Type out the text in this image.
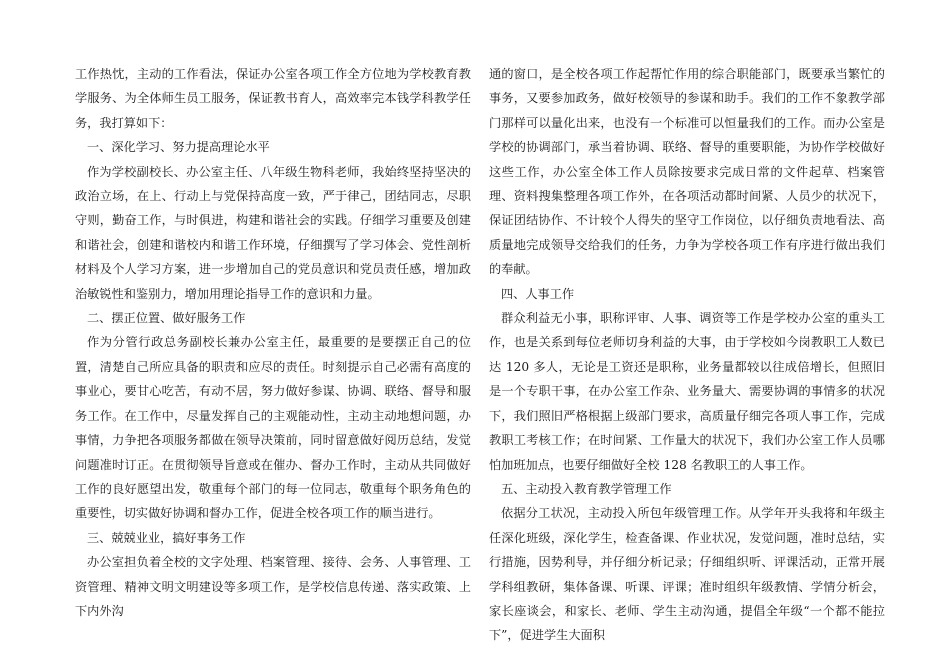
工作热忱，主动的工作看法，保证办公室各项工作全方位地为学校教育教学服务、为全体师生员工服务，保证教书育人，高效率完本钱学科教学任务，我打算如下：

一、深化学习、努力提高理论水平

作为学校副校长、办公室主任、八年级生物科老师，我始终坚持坚决的政治立场，在上、行动上与党保持高度一致，严于律己，团结同志，尽职守则，勤奋工作，与时俱进，构建和谐社会的实践。仔细学习重要及创建和谐社会，创建和谐校内和谐工作环境，仔细撰写了学习体会、党性剖析材料及个人学习方案，进一步增加自己的党员意识和党员责任感，增加政治敏锐性和鉴别力，增加用理论指导工作的意识和力量。

二、摆正位置、做好服务工作

作为分管行政总务副校长兼办公室主任，最重要的是要摆正自己的位置，清楚自己所应具备的职责和应尽的责任。时刻提示自己必需有高度的事业心，要甘心吃苦，有动不居，努力做好参谋、协调、联络、督导和服务工作。在工作中，尽量发挥自己的主观能动性，主动主动地想问题，办事情，力争把各项服务都做在领导决策前，同时留意做好阅历总结，发觉问题准时订正。在贯彻领导旨意或在催办、督办工作时，主动从共同做好工作的良好愿望出发，敬重每个部门的每一位同志，敬重每个职务角色的重要性，切实做好协调和督办工作，促进全校各项工作的顺当进行。

三、兢兢业业，搞好事务工作

办公室担负着全校的文字处理、档案管理、接待、会务、人事管理、工资管理、精神文明文明建设等多项工作，是学校信息传递、落实政策、上下内外沟

通的窗口，是全校各项工作起帮忙作用的综合职能部门，既要承当繁忙的事务，又要参加政务，做好校领导的参谋和助手。我们的工作不象教学部门那样可以量化出来，也没有一个标准可以恒量我们的工作。而办公室是学校的协调部门，承当着协调、联络、督导的重要职能，为协作学校做好这些工作，办公室全体工作人员除按要求完成日常的文件起草、档案管理、资料搜集整理各项工作外，在各项活动都时间紧、人员少的状况下，保证团结协作、不计较个人得失的坚守工作岗位，以仔细负责地看法、高质量地完成领导交给我们的任务，力争为学校各项工作有序进行做出我们的奉献。

四、人事工作

群众利益无小事，职称评审、人事、调资等工作是学校办公室的重头工作，也是关系到每位老师切身利益的大事，由于学校如今岗教职工人数已达 120 多人，无论是工资还是职称，业务量都较以往成倍增长，但照旧是一个专职干事，在办公室工作杂、业务量大、需要协调的事情多的状况下，我们照旧严格根据上级部门要求，高质量仔细完各项人事工作，完成教职工考核工作；在时间紧、工作量大的状况下，我们办公室工作人员哪怕加班加点，也要仔细做好全校 128 名教职工的人事工作。

五、主动投入教育教学管理工作

依据分工状况，主动投入所包年级管理工作。从学年开头我将和年级主任深化班级，深化学生，检查备课、作业状况，发觉问题，准时总结，实行措施，因势利导，并仔细分析记录；仔细组织听、评课活动，正常开展学科组教研，集体备课、听课、评课；准时组织年级教情、学情分析会，家长座谈会，和家长、老师、学生主动沟通，提倡全年级“一个都不能拉下”，促进学生大面积
